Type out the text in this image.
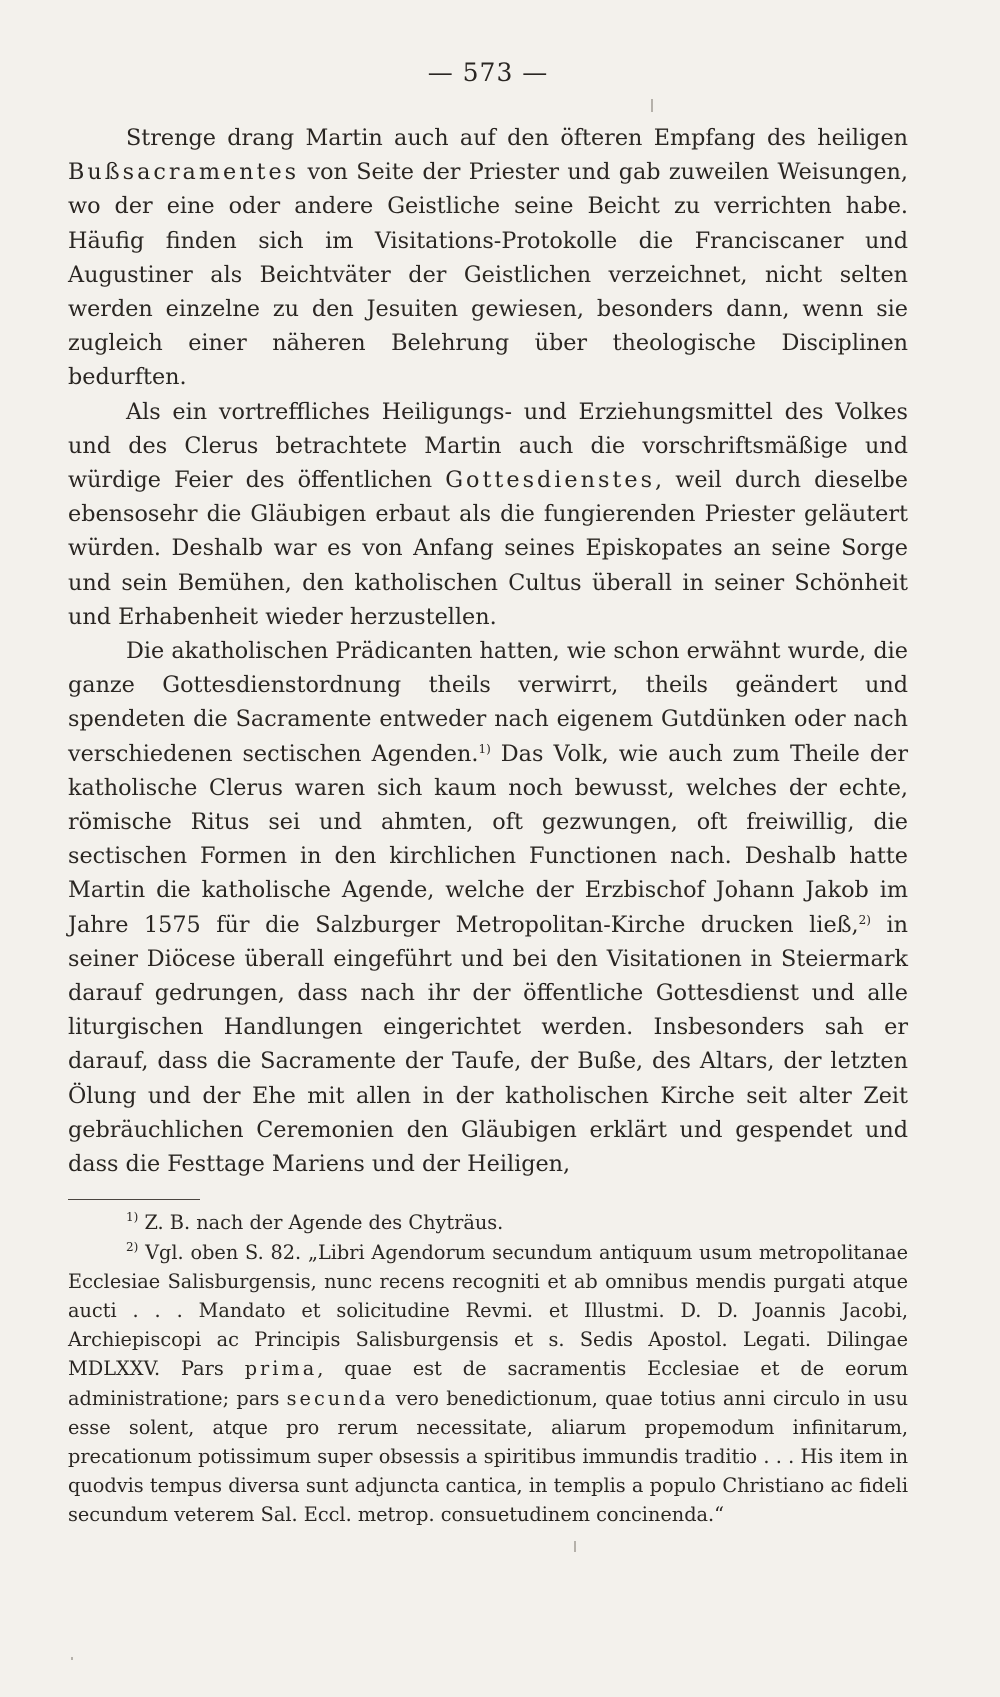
— 573 —

Strenge drang Martin auch auf den öfteren Empfang des heiligen Bußsacramentes von Seite der Priester und gab zuweilen Weisungen, wo der eine oder andere Geistliche seine Beicht zu verrichten habe. Häufig finden sich im Visitations-Protokolle die Franciscaner und Augustiner als Beichtväter der Geistlichen verzeichnet, nicht selten werden einzelne zu den Jesuiten gewiesen, besonders dann, wenn sie zugleich einer näheren Belehrung über theologische Disciplinen bedurften.

Als ein vortreffliches Heiligungs- und Erziehungsmittel des Volkes und des Clerus betrachtete Martin auch die vorschriftsmäßige und würdige Feier des öffentlichen Gottesdienstes, weil durch dieselbe ebensosehr die Gläubigen erbaut als die fungierenden Priester geläutert würden. Deshalb war es von Anfang seines Episkopates an seine Sorge und sein Bemühen, den katholischen Cultus überall in seiner Schönheit und Erhabenheit wieder herzustellen.

Die akatholischen Prädicanten hatten, wie schon erwähnt wurde, die ganze Gottesdienstordnung theils verwirrt, theils geändert und spendeten die Sacramente entweder nach eigenem Gutdünken oder nach verschiedenen sectischen Agenden.$^{1)}$ Das Volk, wie auch zum Theile der katholische Clerus waren sich kaum noch bewusst, welches der echte, römische Ritus sei und ahmten, oft gezwungen, oft freiwillig, die sectischen Formen in den kirchlichen Functionen nach. Deshalb hatte Martin die katholische Agende, welche der Erzbischof Johann Jakob im Jahre 1575 für die Salzburger Metropolitan-Kirche drucken ließ,$^{2)}$ in seiner Diöcese überall eingeführt und bei den Visitationen in Steiermark darauf gedrungen, dass nach ihr der öffentliche Gottesdienst und alle liturgischen Handlungen eingerichtet werden. Insbesonders sah er darauf, dass die Sacramente der Taufe, der Buße, des Altars, der letzten Ölung und der Ehe mit allen in der katholischen Kirche seit alter Zeit gebräuchlichen Ceremonien den Gläubigen erklärt und gespendet und dass die Festtage Mariens und der Heiligen,

$^{1)}$ Z. B. nach der Agende des Chyträus.

$^{2)}$ Vgl. oben S. 82. „Libri Agendorum secundum antiquum usum metropolitanae Ecclesiae Salisburgensis, nunc recens recogniti et ab omnibus mendis purgati atque aucti . . . Mandato et solicitudine Revmi. et Illustmi. D. D. Joannis Jacobi, Archiepiscopi ac Principis Salisburgensis et s. Sedis Apostol. Legati. Dilingae MDLXXV. Pars prima, quae est de sacramentis Ecclesiae et de eorum administratione; pars secunda vero benedictionum, quae totius anni circulo in usu esse solent, atque pro rerum necessitate, aliarum propemodum infinitarum, precationum potissimum super obsessis a spiritibus immundis traditio . . . His item in quodvis tempus diversa sunt adjuncta cantica, in templis a populo Christiano ac fideli secundum veterem Sal. Eccl. metrop. consuetudinem concinenda.“
